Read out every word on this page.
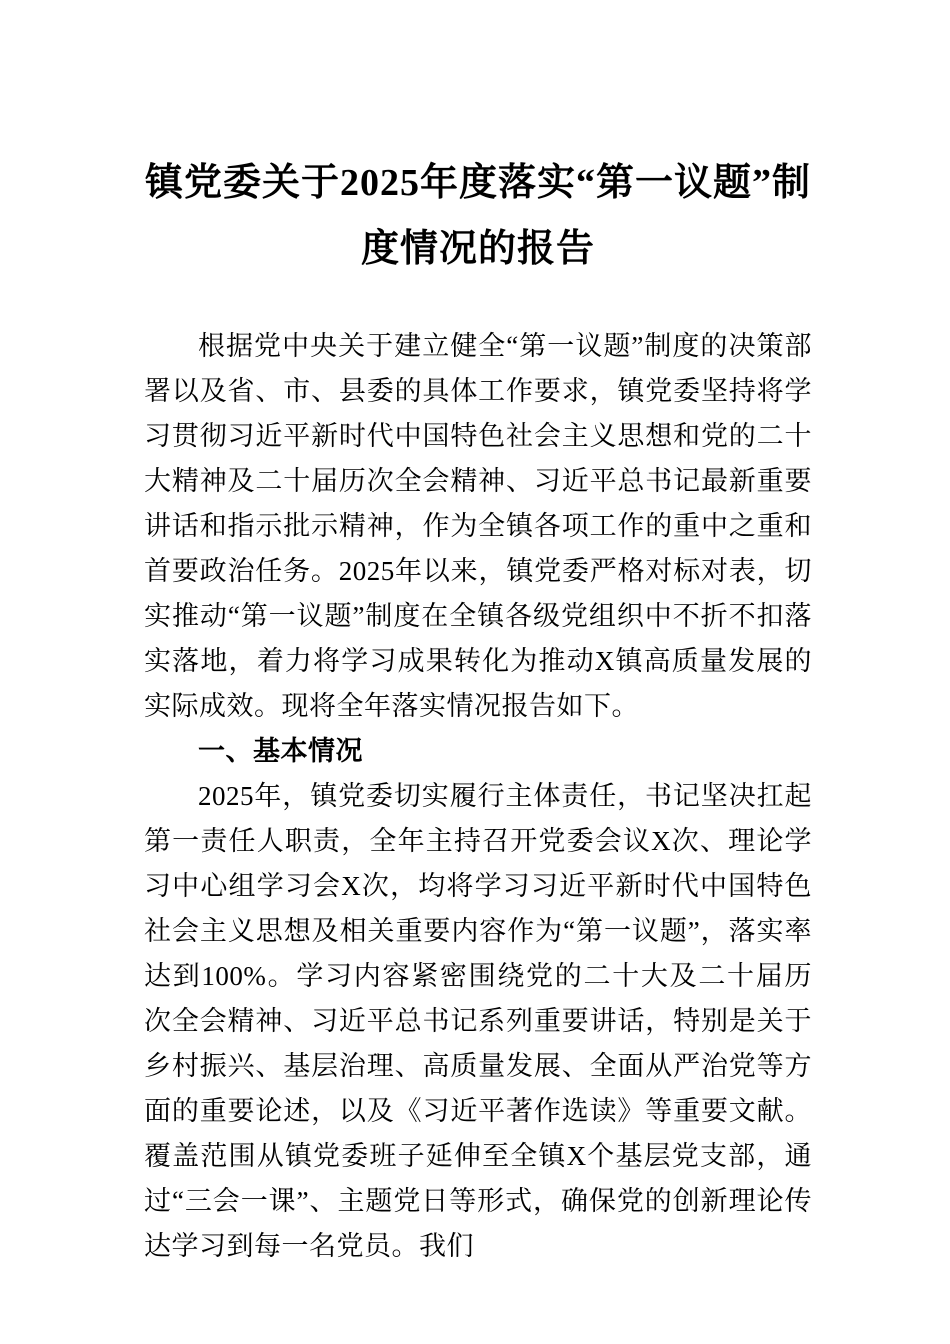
镇党委关于2025年度落实“第一议题”制度情况的报告

根据党中央关于建立健全“第一议题”制度的决策部署以及省、市、县委的具体工作要求，镇党委坚持将学习贯彻习近平新时代中国特色社会主义思想和党的二十大精神及二十届历次全会精神、习近平总书记最新重要讲话和指示批示精神，作为全镇各项工作的重中之重和首要政治任务。2025年以来，镇党委严格对标对表，切实推动“第一议题”制度在全镇各级党组织中不折不扣落实落地，着力将学习成果转化为推动X镇高质量发展的实际成效。现将全年落实情况报告如下。

一、基本情况

2025年，镇党委切实履行主体责任，书记坚决扛起第一责任人职责，全年主持召开党委会议X次、理论学习中心组学习会X次，均将学习习近平新时代中国特色社会主义思想及相关重要内容作为“第一议题”，落实率达到100%。学习内容紧密围绕党的二十大及二十届历次全会精神、习近平总书记系列重要讲话，特别是关于乡村振兴、基层治理、高质量发展、全面从严治党等方面的重要论述，以及《习近平著作选读》等重要文献。覆盖范围从镇党委班子延伸至全镇X个基层党支部，通过“三会一课”、主题党日等形式，确保党的创新理论传达学习到每一名党员。我们
